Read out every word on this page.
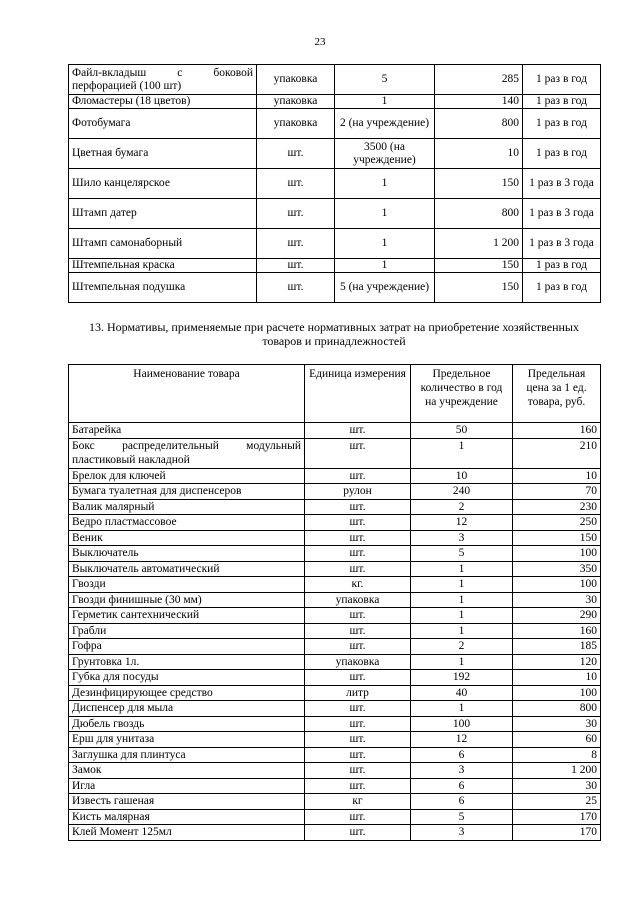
23
Файл-вкладыш с боковой перфорацией (100 шт)	упаковка	5	285	1 раз в год
Фломастеры (18 цветов)	упаковка	1	140	1 раз в год
Фотобумага	упаковка	2 (на учреждение)	800	1 раз в год
Цветная бумага	шт.	3500 (на учреждение)	10	1 раз в год
Шило канцелярское	шт.	1	150	1 раз в 3 года
Штамп датер	шт.	1	800	1 раз в 3 года
Штамп самонаборный	шт.	1	1 200	1 раз в 3 года
Штемпельная краска	шт.	1	150	1 раз в год
Штемпельная подушка	шт.	5 (на учреждение)	150	1 раз в год
13. Нормативы, применяемые при расчете нормативных затрат на приобретение хозяйственных товаров и принадлежностей
Наименование товара	Единица измерения	Предельное количество в год на учреждение	Предельная цена за 1 ед. товара, руб.
Батарейка	шт.	50	160
Бокс распределительный модульный пластиковый накладной	шт.	1	210
Брелок для ключей	шт.	10	10
Бумага туалетная для диспенсеров	рулон	240	70
Валик малярный	шт.	2	230
Ведро пластмассовое	шт.	12	250
Веник	шт.	3	150
Выключатель	шт.	5	100
Выключатель автоматический	шт.	1	350
Гвозди	кг.	1	100
Гвозди финишные (30 мм)	упаковка	1	30
Герметик сантехнический	шт.	1	290
Грабли	шт.	1	160
Гофра	шт.	2	185
Грунтовка 1л.	упаковка	1	120
Губка для посуды	шт.	192	10
Дезинфицирующее средство	литр	40	100
Диспенсер для мыла	шт.	1	800
Дюбель гвоздь	шт.	100	30
Ерш для унитаза	шт.	12	60
Заглушка для плинтуса	шт.	6	8
Замок	шт.	3	1 200
Игла	шт.	6	30
Известь гашеная	кг	6	25
Кисть малярная	шт.	5	170
Клей Момент 125мл	шт.	3	170
